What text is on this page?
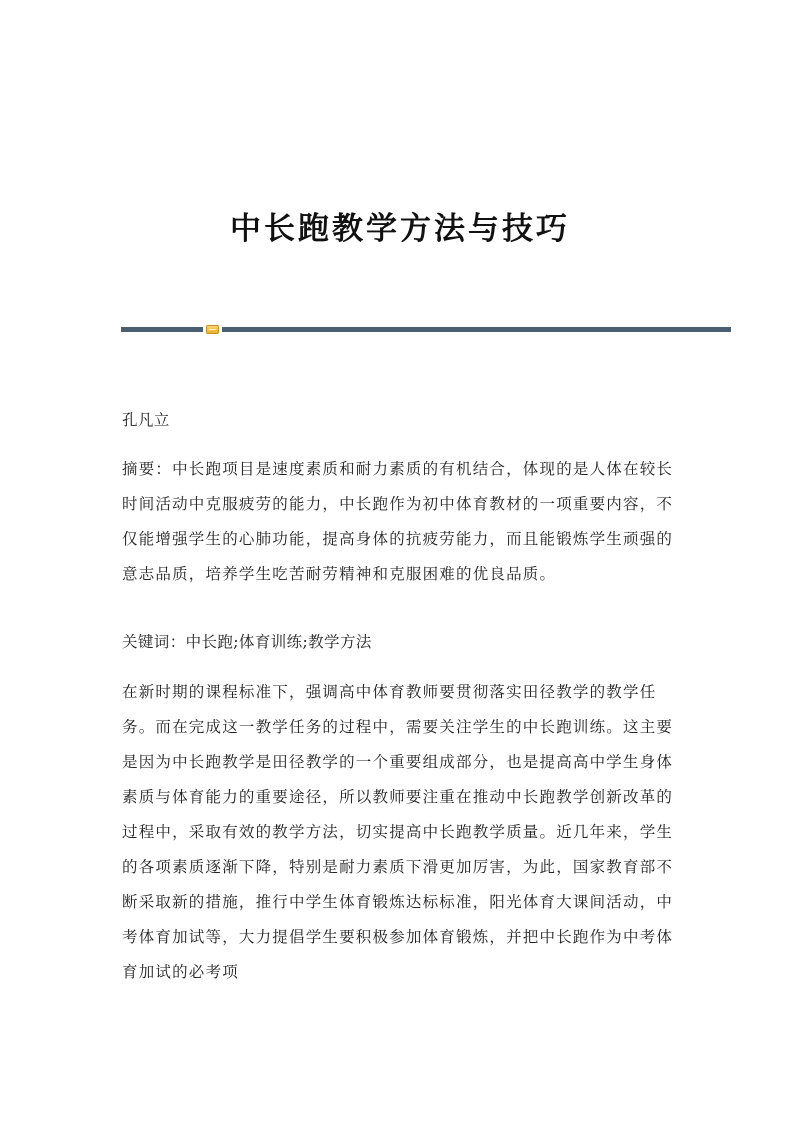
中长跑教学方法与技巧

孔凡立

摘要：中长跑项目是速度素质和耐力素质的有机结合，体现的是人体在较长时间活动中克服疲劳的能力，中长跑作为初中体育教材的一项重要内容，不仅能增强学生的心肺功能，提高身体的抗疲劳能力，而且能锻炼学生顽强的意志品质，培养学生吃苦耐劳精神和克服困难的优良品质。

关键词：中长跑;体育训练;教学方法

在新时期的课程标准下，强调高中体育教师要贯彻落实田径教学的教学任务。而在完成这一教学任务的过程中，需要关注学生的中长跑训练。这主要是因为中长跑教学是田径教学的一个重要组成部分，也是提高高中学生身体素质与体育能力的重要途径，所以教师要注重在推动中长跑教学创新改革的过程中，采取有效的教学方法，切实提高中长跑教学质量。近几年来，学生的各项素质逐渐下降，特别是耐力素质下滑更加厉害，为此，国家教育部不断采取新的措施，推行中学生体育锻炼达标标准，阳光体育大课间活动，中考体育加试等，大力提倡学生要积极参加体育锻炼，并把中长跑作为中考体育加试的必考项
